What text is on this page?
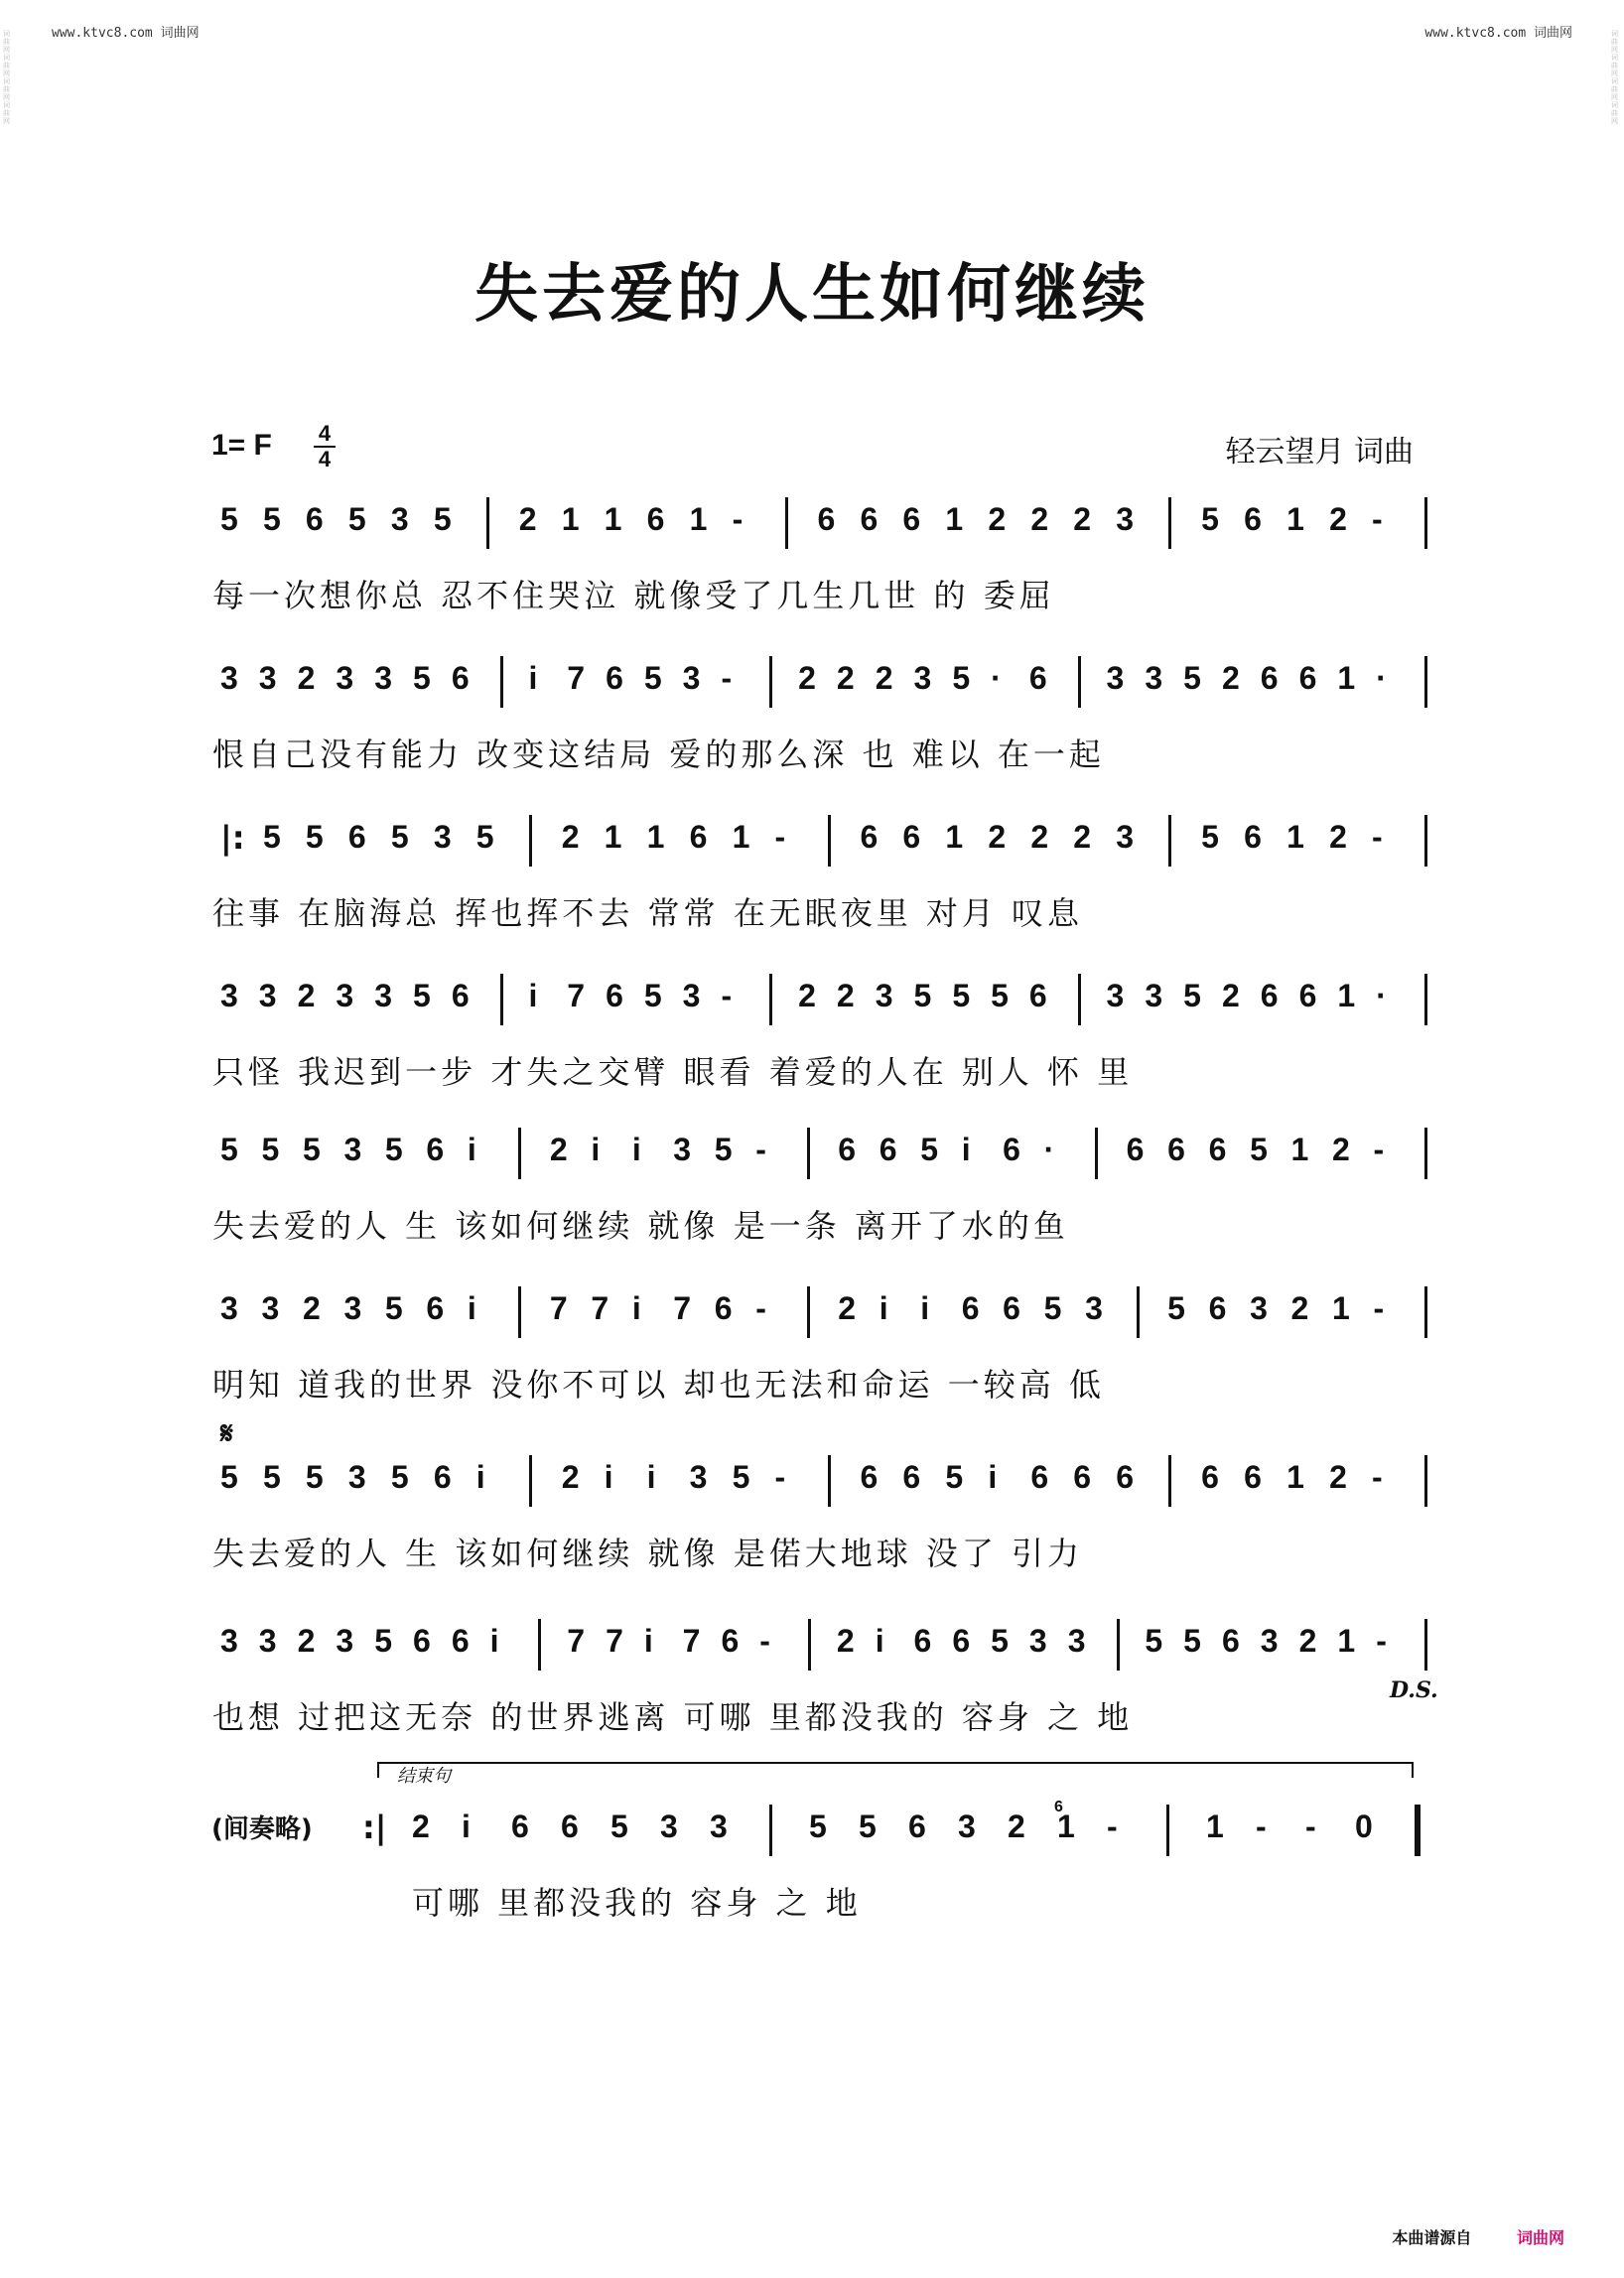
www.ktvc8.com 词曲网	www.ktvc8.com 词曲网
词曲网词曲网词曲网词曲网
词曲网词曲网词曲网词曲网
失去爱的人生如何继续
1= F 4
4	轻云望月 词曲
5 5 6 5 3 5 2 1 1 6 1 - 6 6 6 1 2 2 2 3 5 6 1 2 -
每一次想你总 忍不住哭泣 就像受了几生几世 的 委屈
3 3 2 3 3 5 6 i 7 6 5 3 - 2 2 2 3 5 · 6 3 3 5 2 6 6 1 ·
恨自己没有能力 改变这结局 爱的那么深 也 难以 在一起
|: 5 5 6 5 3 5 2 1 1 6 1 - 6 6 1 2 2 2 3 5 6 1 2 -
往事 在脑海总 挥也挥不去 常常 在无眠夜里 对月 叹息
3 3 2 3 3 5 6 i 7 6 5 3 - 2 2 3 5 5 5 6 3 3 5 2 6 6 1 ·
只怪 我迟到一步 才失之交臂 眼看 着爱的人在 别人 怀 里
5 5 5 3 5 6 i 2 i i 3 5 - 6 6 5 i 6 · 6 6 6 5 1 2 -
失去爱的人 生 该如何继续 就像 是一条 离开了水的鱼
3 3 2 3 5 6 i 7 7 i 7 6 - 2 i i 6 6 5 3 5 6 3 2 1 -
明知 道我的世界 没你不可以 却也无法和命运 一较高 低
5 5 5 3 5 6 i 2 i i 3 5 - 6 6 5 i 6 6 6 6 6 1 2 -
失去爱的人 生 该如何继续 就像 是偌大地球 没了 引力
3 3 2 3 5 6 6 i 7 7 i 7 6 - 2 i 6 6 5 3 3 5 5 6 3 2 1 -
也想 过把这无奈 的世界逃离 可哪 里都没我的 容身 之 地
𝄋
D.S.
结束句
(间奏略) :| 2 i 6 6 5 3 3	5 5 6 3 2 1 -	1 - - 0
6
可哪 里都没我的 容身 之 地
本曲谱源自	词曲网
